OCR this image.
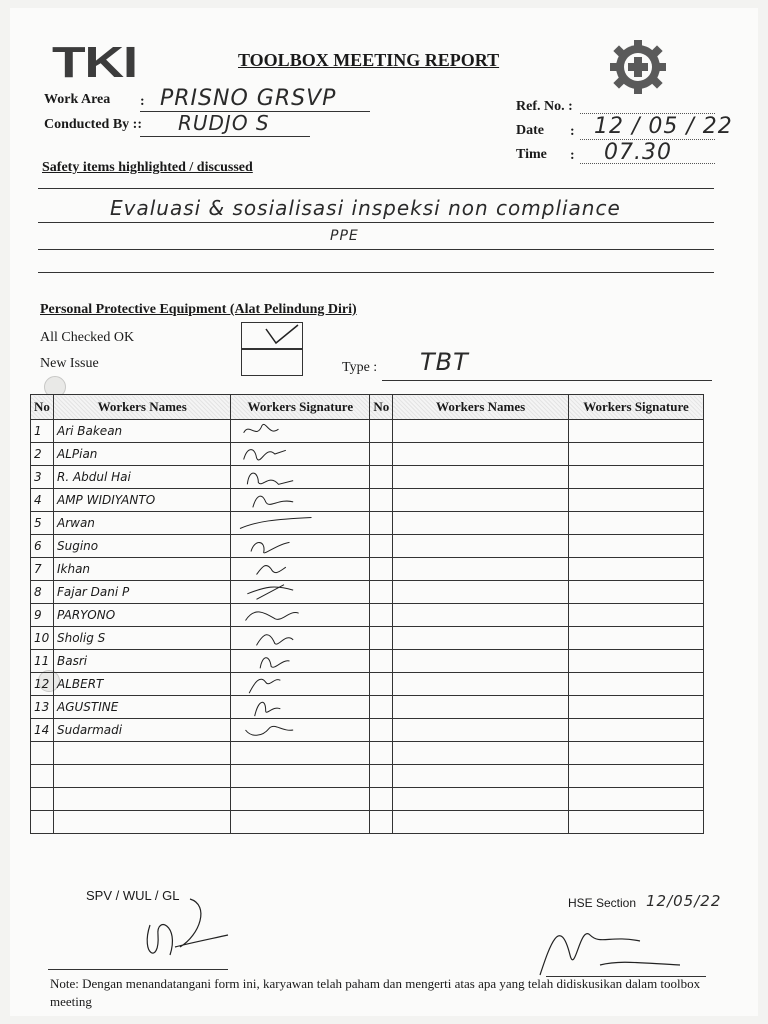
TKI	TOOLBOX MEETING REPORT
Work Area : PRISNO GRSVP
Conducted By :: RUDJO S
Ref. No. :
Date : 12 / 05 / 22
Time : 07.30
Safety items highlighted / discussed
Evaluasi & sosialisasi inspeksi non compliance
PPE
Personal Protective Equipment (Alat Pelindung Diri)
All Checked OK
New Issue	Type : TBT
No	Workers Names	Workers Signature	No	Workers Names	Workers Signature
1	Ari Bakean	

2	ALPian	

3	R. Abdul Hai	

4	AMP WIDIYANTO	

5	Arwan	

6	Sugino	

7	Ikhan	

8	Fajar Dani P	

9	PARYONO	

10	Sholig S	

11	Basri	

12	ALBERT	

13	AGUSTINE	

14	Sudarmadi	

SPV / WUL / GL	HSE Section 12/05/22
Note: Dengan menandatangani form ini, karyawan telah paham dan mengerti atas apa yang telah didiskusikan dalam toolbox meeting
